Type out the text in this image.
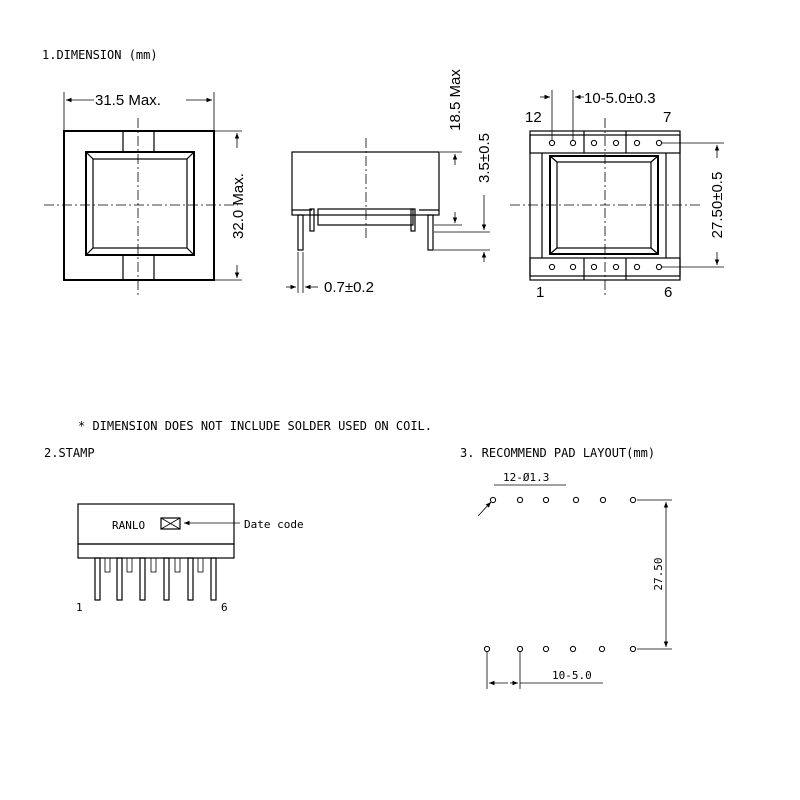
1.DIMENSION (mm)
2.STAMP	3. RECOMMEND PAD LAYOUT(mm)
* DIMENSION DOES NOT INCLUDE SOLDER USED ON COIL.
31.5 Max.
32.0 Max.
18.5 Max
3.5±0.5
0.7±0.2
10-5.0±0.3
12	7
1	6
27.50±0.5
RANLO	Date code
1	6
12-Ø1.3
27.50
10-5.0
